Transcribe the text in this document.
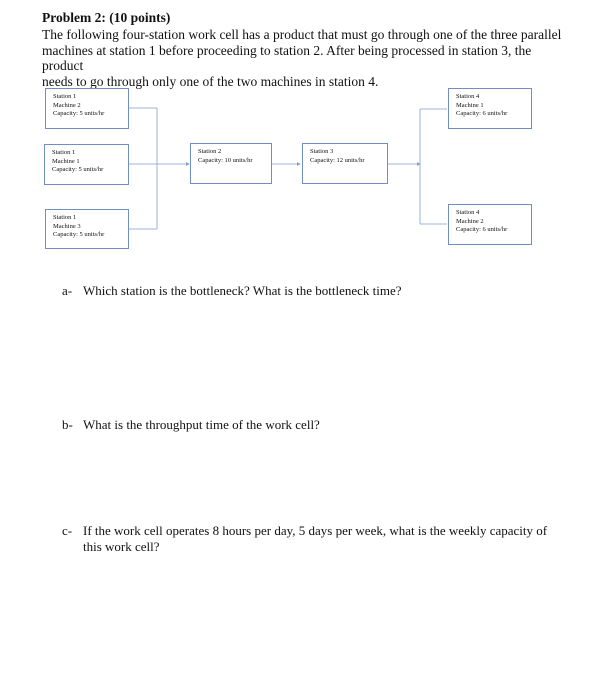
Problem 2: (10 points)

The following four-station work cell has a product that must go through one of the three parallel
machines at station 1 before proceeding to station 2. After being processed in station 3, the product
needs to go through only one of the two machines in station 4.
Station 1
Machine 2
Capacity: 5 units/hr
Station 1
Machine 1
Capacity: 5 units/hr
Station 1
Machine 3
Capacity: 5 units/hr
Station 2
Capacity: 10 units/hr
Station 3
Capacity: 12 units/hr
Station 4
Machine 1
Capacity: 6 units/hr
Station 4
Machine 2
Capacity: 6 units/hr

a- Which station is the bottleneck? What is the bottleneck time?

b- What is the throughput time of the work cell?

c- If the work cell operates 8 hours per day, 5 days per week, what is the weekly capacity of this work cell?
